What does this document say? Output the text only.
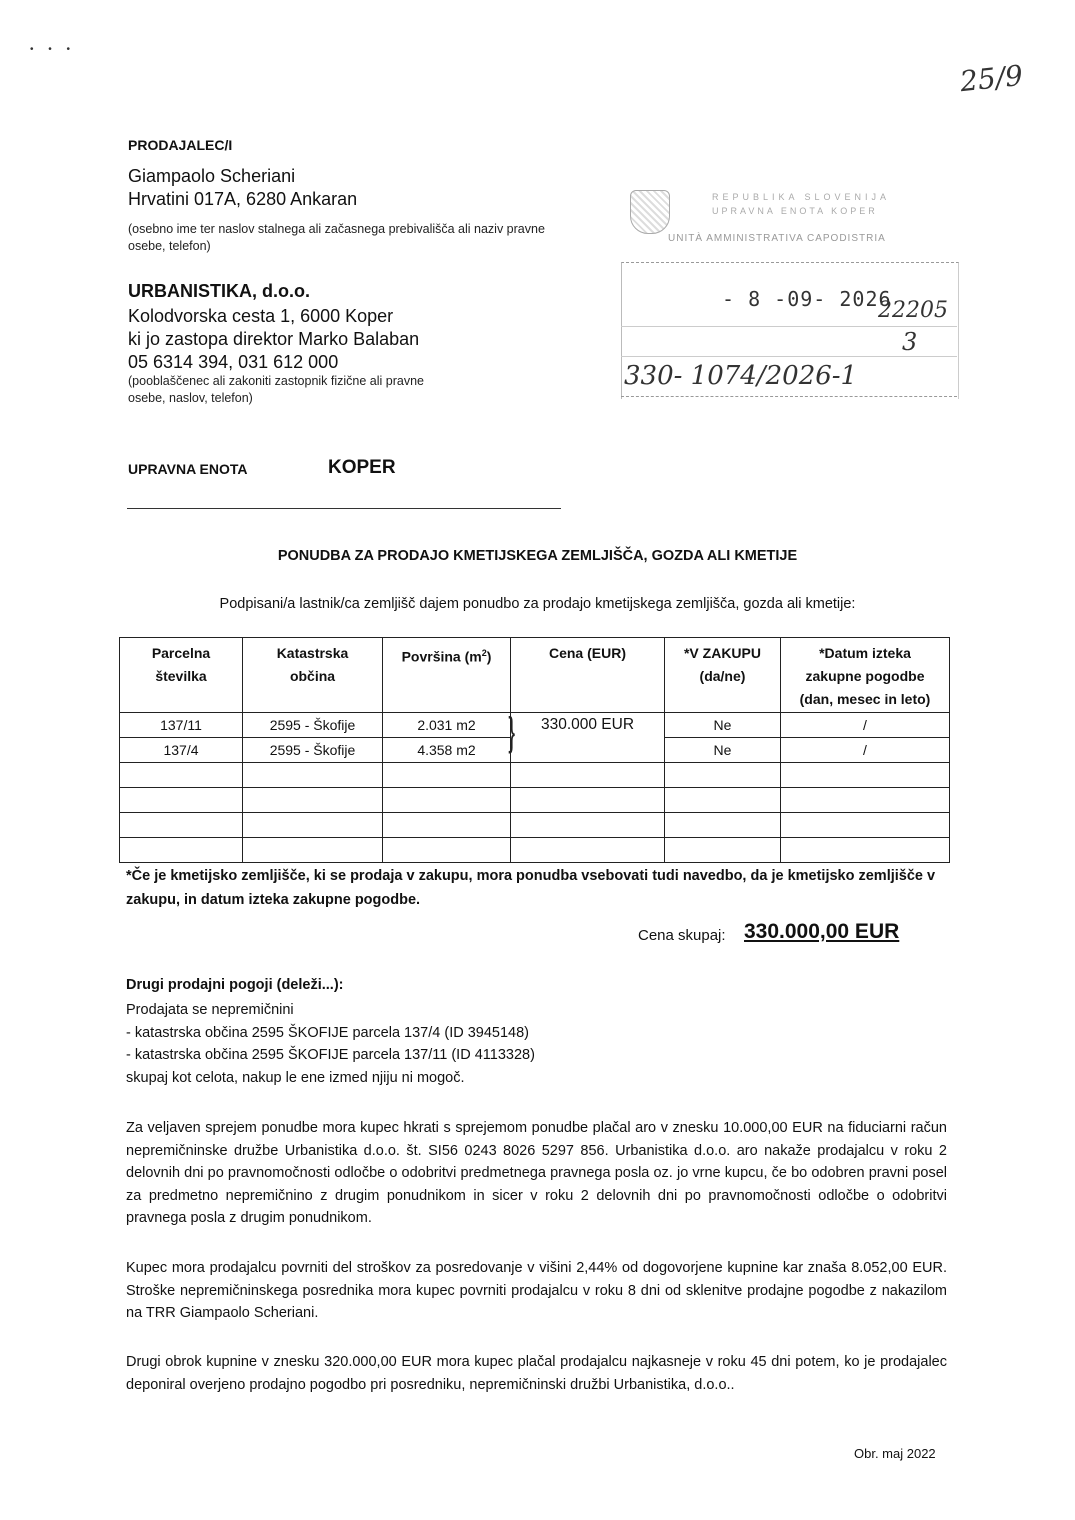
• • •
25/9
PRODAJALEC/I
Giampaolo Scheriani
Hrvatini 017A, 6280 Ankaran
(osebno ime ter naslov stalnega ali začasnega prebivališča ali naziv pravne osebe, telefon)
URBANISTIKA, d.o.o.
Kolodvorska cesta 1, 6000 Koper
ki jo zastopa direktor Marko Balaban
05 6314 394, 031 612 000
(pooblaščenec ali zakoniti zastopnik fizične ali pravne osebe, naslov, telefon)
REPUBLIKA SLOVENIJA
UPRAVNA ENOTA KOPER
UNITÀ AMMINISTRATIVA CAPODISTRIA
- 8 -09- 2026
22205
3
330- 1074/2026-1
UPRAVNA ENOTA	KOPER
PONUDBA ZA PRODAJO KMETIJSKEGA ZEMLJIŠČA, GOZDA ALI KMETIJE
Podpisani/a lastnik/ca zemljišč dajem ponudbo za prodajo kmetijskega zemljišča, gozda ali kmetije:
Parcelna
številka	Katastrska
občina	Površina $(m^2)$	Cena (EUR)	*V ZAKUPU
(da/ne)	*Datum izteka
zakupne pogodbe
(dan, mesec in leto)
137/11	2595 - Škofije	2.031 m2	330.000 EUR	Ne	/
137/4	2595 - Škofije	4.358 m2		Ne	/

}
*Če je kmetijsko zemljišče, ki se prodaja v zakupu, mora ponudba vsebovati tudi navedbo, da je kmetijsko zemljišče v zakupu, in datum izteka zakupne pogodbe.
Cena skupaj: 330.000,00 EUR
Drugi prodajni pogoji (deleži...):
Prodajata se nepremičnini
- katastrska občina 2595 ŠKOFIJE parcela 137/4 (ID 3945148)
- katastrska občina 2595 ŠKOFIJE parcela 137/11 (ID 4113328)
skupaj kot celota, nakup le ene izmed njiju ni mogoč.
Za veljaven sprejem ponudbe mora kupec hkrati s sprejemom ponudbe plačal aro v znesku 10.000,00 EUR na fiduciarni račun nepremičninske družbe Urbanistika d.o.o. št. SI56 0243 8026 5297 856. Urbanistika d.o.o. aro nakaže prodajalcu v roku 2 delovnih dni po pravnomočnosti odločbe o odobritvi predmetnega pravnega posla oz. jo vrne kupcu, če bo odobren pravni posel za predmetno nepremičnino z drugim ponudnikom in sicer v roku 2 delovnih dni po pravnomočnosti odločbe o odobritvi pravnega posla z drugim ponudnikom.
Kupec mora prodajalcu povrniti del stroškov za posredovanje v višini 2,44% od dogovorjene kupnine kar znaša 8.052,00 EUR. Stroške nepremičninskega posrednika mora kupec povrniti prodajalcu v roku 8 dni od sklenitve prodajne pogodbe z nakazilom na TRR Giampaolo Scheriani.
Drugi obrok kupnine v znesku 320.000,00 EUR mora kupec plačal prodajalcu najkasneje v roku 45 dni potem, ko je prodajalec deponiral overjeno prodajno pogodbo pri posredniku, nepremičninski družbi Urbanistika, d.o.o..
Obr. maj 2022
